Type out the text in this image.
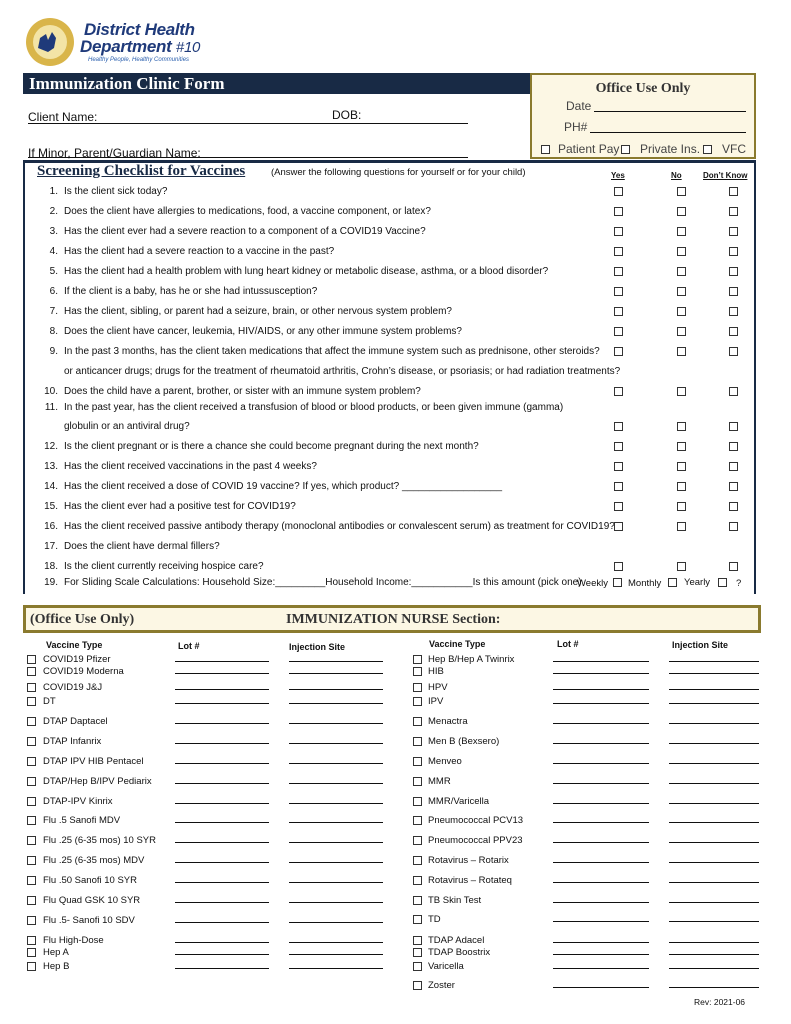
District Health
Department #10
Healthy People, Healthy Communities
Immunization Clinic Form
Client Name:	DOB:
If Minor, Parent/Guardian Name:
Office Use Only
Date
PH#
Patient Pay Private Ins. VFC
Screening Checklist for Vaccines	(Answer the following questions for yourself or for your child)	Yes	No	Don’t Know
1. Is the client sick today?
2. Does the client have allergies to medications, food, a vaccine component, or latex?
3. Has the client ever had a severe reaction to a component of a COVID19 Vaccine?
4. Has the client had a severe reaction to a vaccine in the past?
5. Has the client had a health problem with lung heart kidney or metabolic disease, asthma, or a blood disorder?
6. If the client is a baby, has he or she had intussusception?
7. Has the client, sibling, or parent had a seizure, brain, or other nervous system problem?
8. Does the client have cancer, leukemia, HIV/AIDS, or any other immune system problems?
9. In the past 3 months, has the client taken medications that affect the immune system such as prednisone, other steroids?
or anticancer drugs; drugs for the treatment of rheumatoid arthritis, Crohn’s disease, or psoriasis; or had radiation treatments?
10. Does the child have a parent, brother, or sister with an immune system problem?
11. In the past year, has the client received a transfusion of blood or blood products, or been given immune (gamma)
globulin or an antiviral drug?
12. Is the client pregnant or is there a chance she could become pregnant during the next month?
13. Has the client received vaccinations in the past 4 weeks?
14. Has the client received a dose of COVID 19 vaccine? If yes, which product? __________________
15. Has the client ever had a positive test for COVID19?
16. Has the client received passive antibody therapy (monoclonal antibodies or convalescent serum) as treatment for COVID19?
17. Does the client have dermal fillers?
18. Is the client currently receiving hospice care?
19. For Sliding Scale Calculations: Household Size:_________Household Income:___________Is this amount (pick one)
Weekly Monthly Yearly	?
(Office Use Only)	IMMUNIZATION NURSE Section:
Vaccine Type	Lot #	Injection Site	Vaccine Type	Lot #	Injection Site
COVID19 Pfizer
COVID19 Moderna
COVID19 J&J
DT
DTAP Daptacel
DTAP Infanrix
DTAP IPV HIB Pentacel
DTAP/Hep B/IPV Pediarix
DTAP-IPV Kinrix
Flu .5 Sanofi MDV
Flu .25 (6-35 mos) 10 SYR
Flu .25 (6-35 mos) MDV
Flu .50 Sanofi 10 SYR
Flu Quad GSK 10 SYR
Flu .5- Sanofi 10 SDV
Flu High-Dose
Hep A
Hep B
Hep B/Hep A Twinrix
HIB
HPV
IPV
Menactra
Men B (Bexsero)
Menveo
MMR
MMR/Varicella
Pneumococcal PCV13
Pneumococcal PPV23
Rotavirus – Rotarix
Rotavirus – Rotateq
TB Skin Test
TD
TDAP Adacel
TDAP Boostrix
Varicella
Zoster
Rev: 2021-06
